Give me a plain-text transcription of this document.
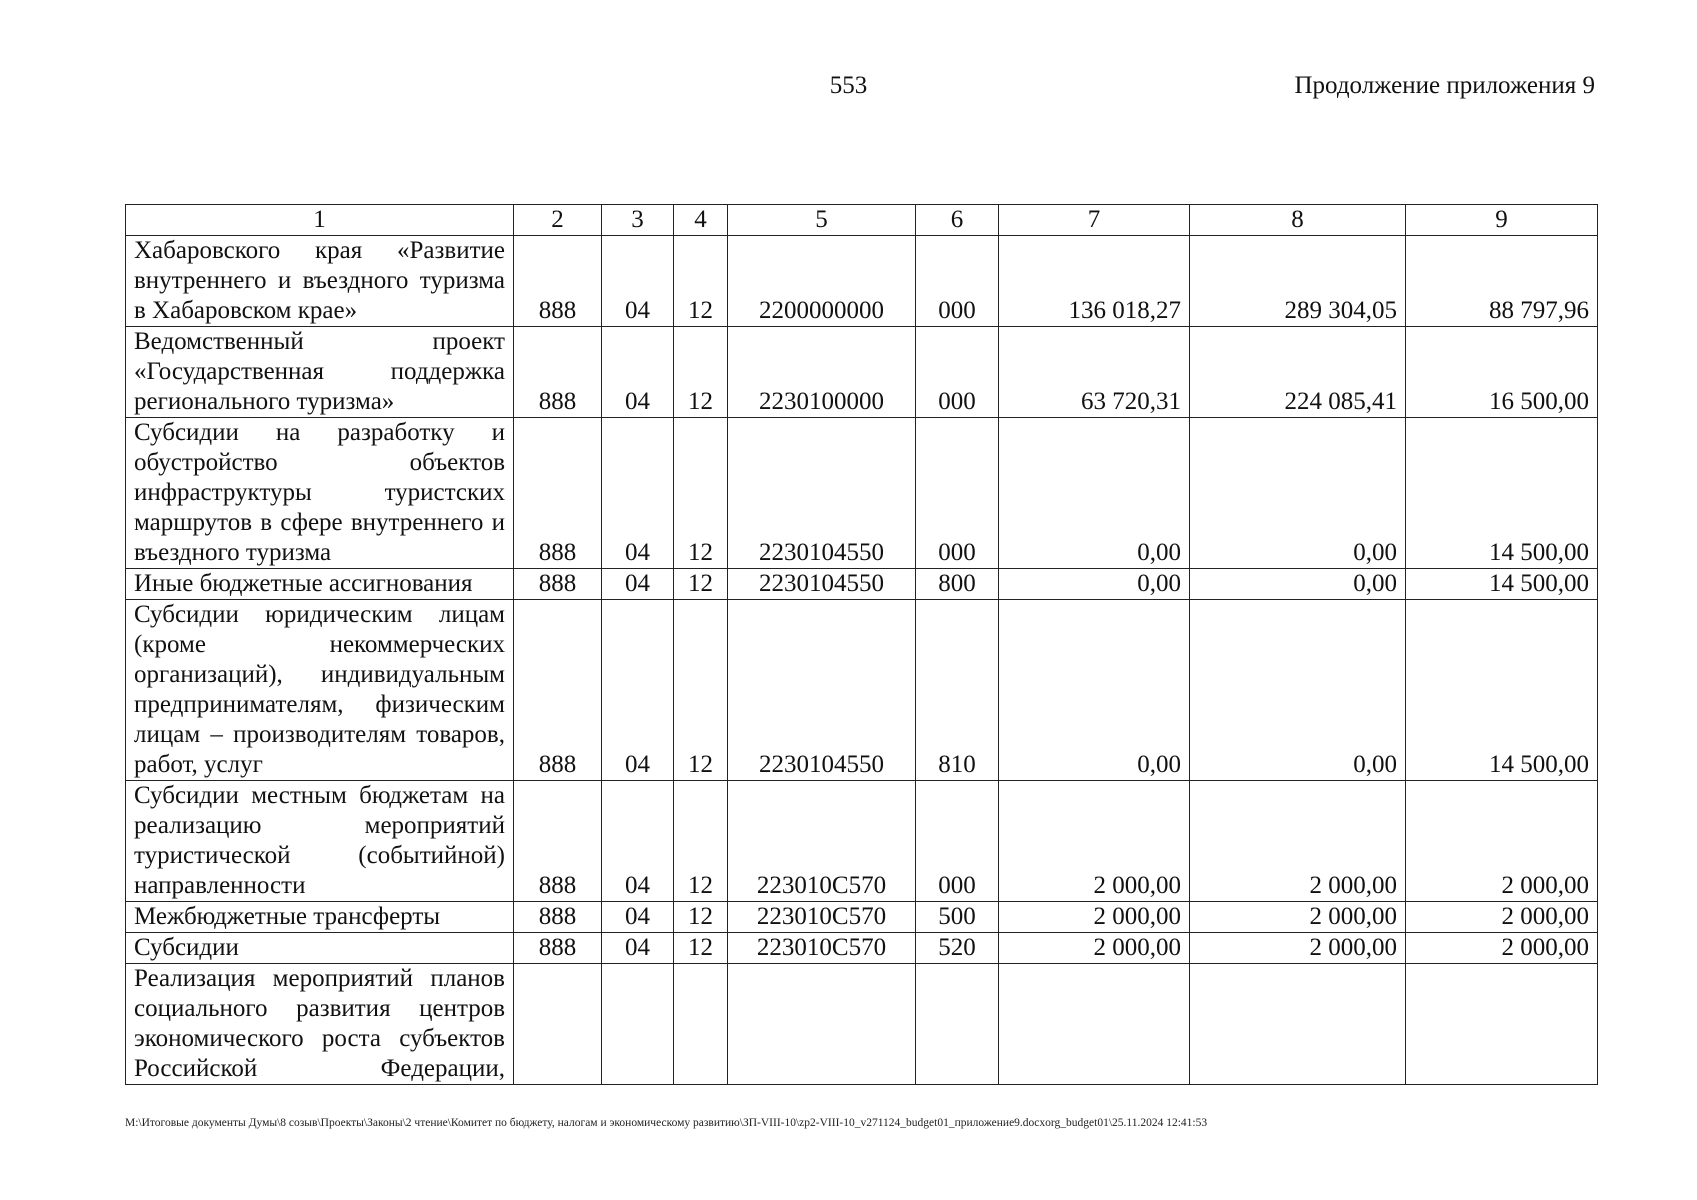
553	Продолжение приложения 9
1	2	3	4	5	6	7	8	9
Хабаровского края «Развитие внутреннего и въездного туризма в Хабаровском крае»	888	04	12	2200000000	000	136 018,27	289 304,05	88 797,96
Ведомственный проект «Государственная поддержка регионального туризма»	888	04	12	2230100000	000	63 720,31	224 085,41	16 500,00
Субсидии на разработку и обустройство объектов инфраструктуры туристских маршрутов в сфере внутреннего и въездного туризма	888	04	12	2230104550	000	0,00	0,00	14 500,00
Иные бюджетные ассигнования	888	04	12	2230104550	800	0,00	0,00	14 500,00
Субсидии юридическим лицам (кроме некоммерческих организаций), индивидуальным предпринимателям, физическим лицам – производителям товаров, работ, услуг	888	04	12	2230104550	810	0,00	0,00	14 500,00
Субсидии местным бюджетам на реализацию мероприятий туристической (событийной) направленности	888	04	12	223010С570	000	2 000,00	2 000,00	2 000,00
Межбюджетные трансферты	888	04	12	223010С570	500	2 000,00	2 000,00	2 000,00
Субсидии	888	04	12	223010С570	520	2 000,00	2 000,00	2 000,00
Реализация мероприятий планов социального развития центров экономического роста субъектов Российской Федерации,								
M:\Итоговые документы Думы\8 созыв\Проекты\Законы\2 чтение\Комитет по бюджету, налогам и экономическому развитию\ЗП-VIII-10\zp2-VIII-10_v271124_budget01_приложение9.docxorg_budget01\25.11.2024 12:41:53
